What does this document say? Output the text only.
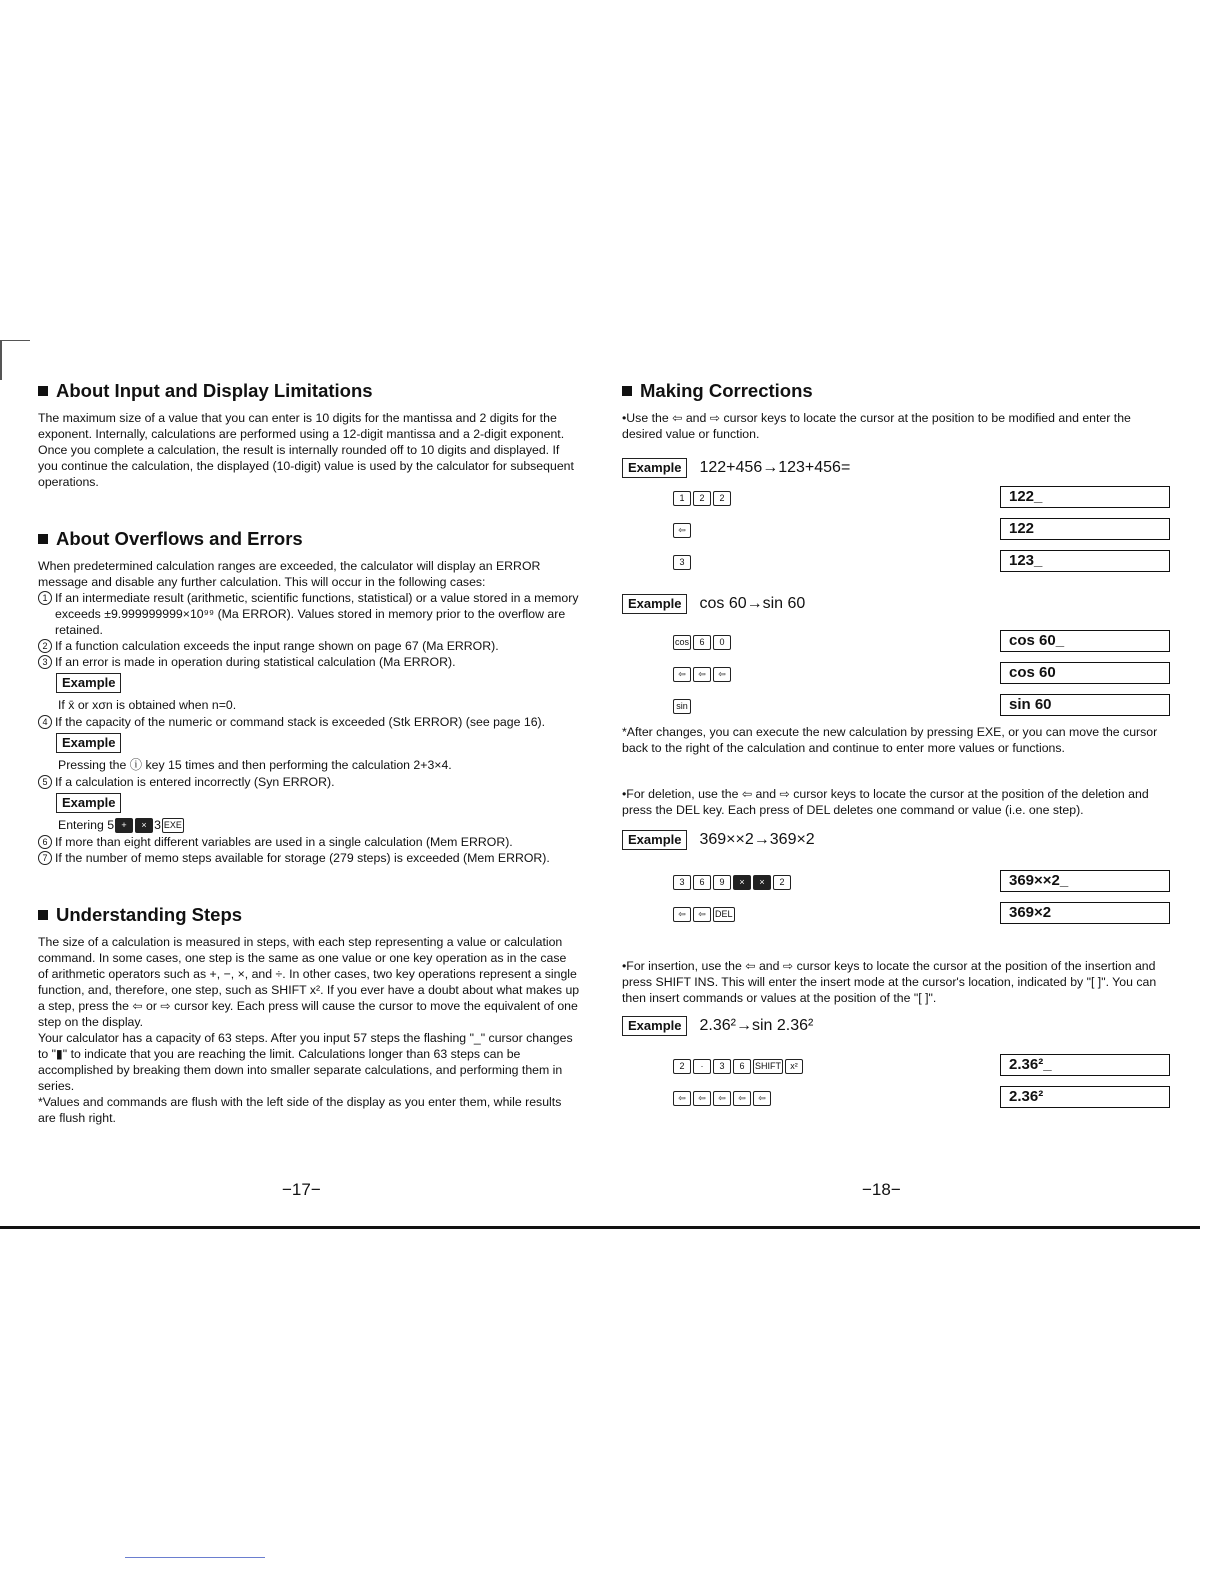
About Input and Display Limitations

The maximum size of a value that you can enter is 10 digits for the mantissa and 2 digits for the exponent. Internally, calculations are performed using a 12-digit mantissa and a 2-digit exponent. Once you complete a calculation, the result is internally rounded off to 10 digits and displayed. If you continue the calculation, the displayed (10-digit) value is used by the calculator for subsequent operations.

About Overflows and Errors

When predetermined calculation ranges are exceeded, the calculator will display an ERROR message and disable any further calculation. This will occur in the following cases:

1 If an intermediate result (arithmetic, scientific functions, statistical) or a value stored in a memory exceeds ±9.999999999×10⁹⁹ (Ma ERROR). Values stored in memory prior to the overflow are retained.
2 If a function calculation exceeds the input range shown on page 67 (Ma ERROR).
3 If an error is made in operation during statistical calculation (Ma ERROR).
Example
If x̄ or xσn is obtained when n=0.
4 If the capacity of the numeric or command stack is exceeded (Stk ERROR) (see page 16).
Example
Pressing the ⓘ key 15 times and then performing the calculation 2+3×4.
5 If a calculation is entered incorrectly (Syn ERROR).
Example
Entering 5 + × 3 EXE
6 If more than eight different variables are used in a single calculation (Mem ERROR).
7 If the number of memo steps available for storage (279 steps) is exceeded (Mem ERROR).
Understanding Steps

The size of a calculation is measured in steps, with each step representing a value or calculation command. In some cases, one step is the same as one value or one key operation as in the case of arithmetic operators such as +, −, ×, and ÷. In other cases, two key operations represent a single function, and, therefore, one step, such as SHIFT x². If you ever have a doubt about what makes up a step, press the ⇦ or ⇨ cursor key. Each press will cause the cursor to move the equivalent of one step on the display.

Your calculator has a capacity of 63 steps. After you input 57 steps the flashing "_" cursor changes to "▮" to indicate that you are reaching the limit. Calculations longer than 63 steps can be accomplished by breaking them down into smaller separate calculations, and performing them in series.

*Values and commands are flush with the left side of the display as you enter them, while results are flush right.

−17−
Making Corrections

•Use the ⇦ and ⇨ cursor keys to locate the cursor at the position to be modified and enter the desired value or function.

Example	122+456→123+456=
1 2 2	122_
⇦	122
3	123_
Example	cos 60→sin 60
cos 6 0	cos 60_
⇦ ⇦ ⇦	cos 60
sin	sin 60

*After changes, you can execute the new calculation by pressing EXE, or you can move the cursor back to the right of the calculation and continue to enter more values or functions.

•For deletion, use the ⇦ and ⇨ cursor keys to locate the cursor at the position of the deletion and press the DEL key. Each press of DEL deletes one command or value (i.e. one step).

Example	369××2→369×2
3 6 9 × × 2	369××2_
⇦ ⇦ DEL	369×2

•For insertion, use the ⇦ and ⇨ cursor keys to locate the cursor at the position of the insertion and press SHIFT INS. This will enter the insert mode at the cursor's location, indicated by "[ ]". You can then insert commands or values at the position of the "[ ]".

Example	2.36²→sin 2.36²
2 · 3 6 SHIFT x²	2.36²_
⇦ ⇦ ⇦ ⇦ ⇦	2.36²
−18−
